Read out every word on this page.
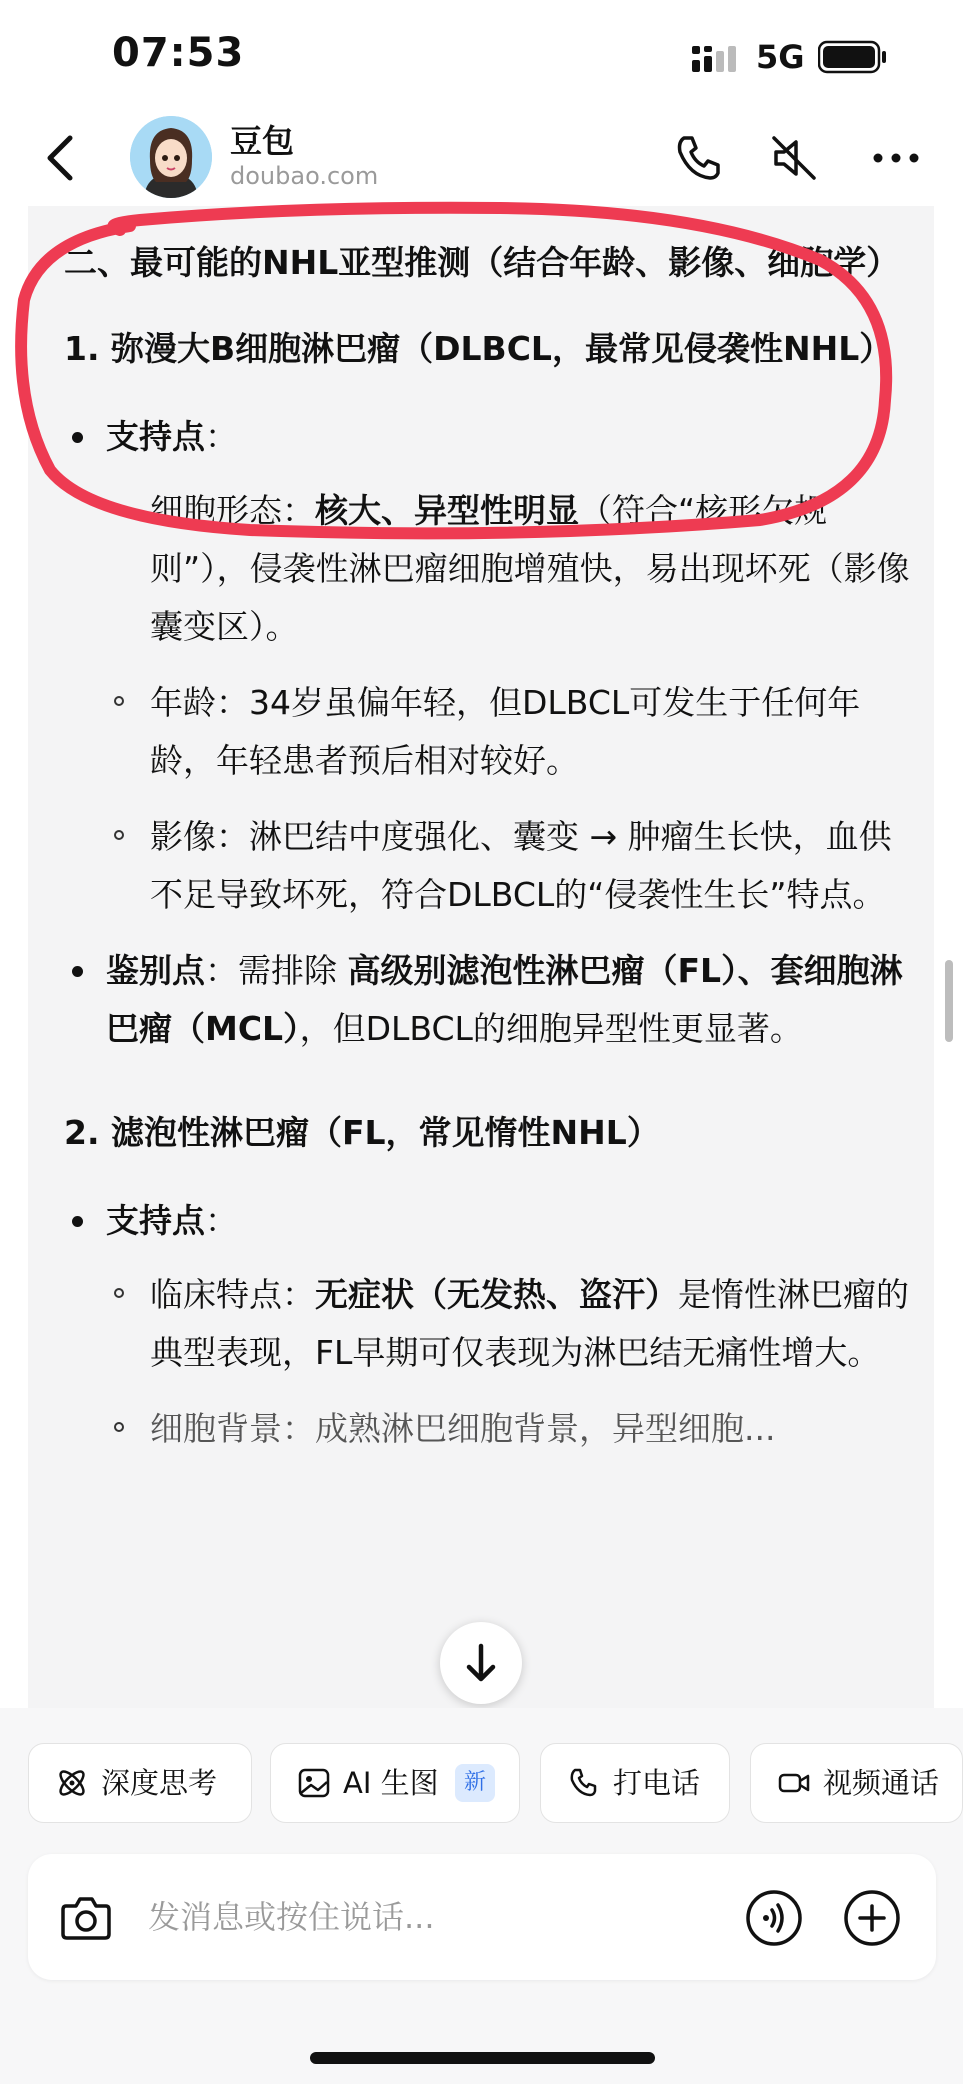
07:53	5G
豆包
doubao.com
二、最可能的NHL亚型推测（结合年龄、影像、细胞学）
1. 弥漫大B细胞淋巴瘤（DLBCL，最常见侵袭性NHL）
支持点：
细胞形态：核大、异型性明显（符合“核形欠规则”），侵袭性淋巴瘤细胞增殖快，易出现坏死（影像囊变区）。
年龄：34岁虽偏年轻，但DLBCL可发生于任何年龄，年轻患者预后相对较好。
影像：淋巴结中度强化、囊变 → 肿瘤生长快，血供不足导致坏死，符合DLBCL的“侵袭性生长”特点。
鉴别点：需排除 高级别滤泡性淋巴瘤（FL）、套细胞淋巴瘤（MCL），但DLBCL的细胞异型性更显著。
2. 滤泡性淋巴瘤（FL，常见惰性NHL）
支持点：
临床特点：无症状（无发热、盗汗）是惰性淋巴瘤的典型表现，FL早期可仅表现为淋巴结无痛性增大。
细胞背景：成熟淋巴细胞背景，异型细胞...
深度思考	AI 生图	新	打电话	视频通话
发消息或按住说话...
